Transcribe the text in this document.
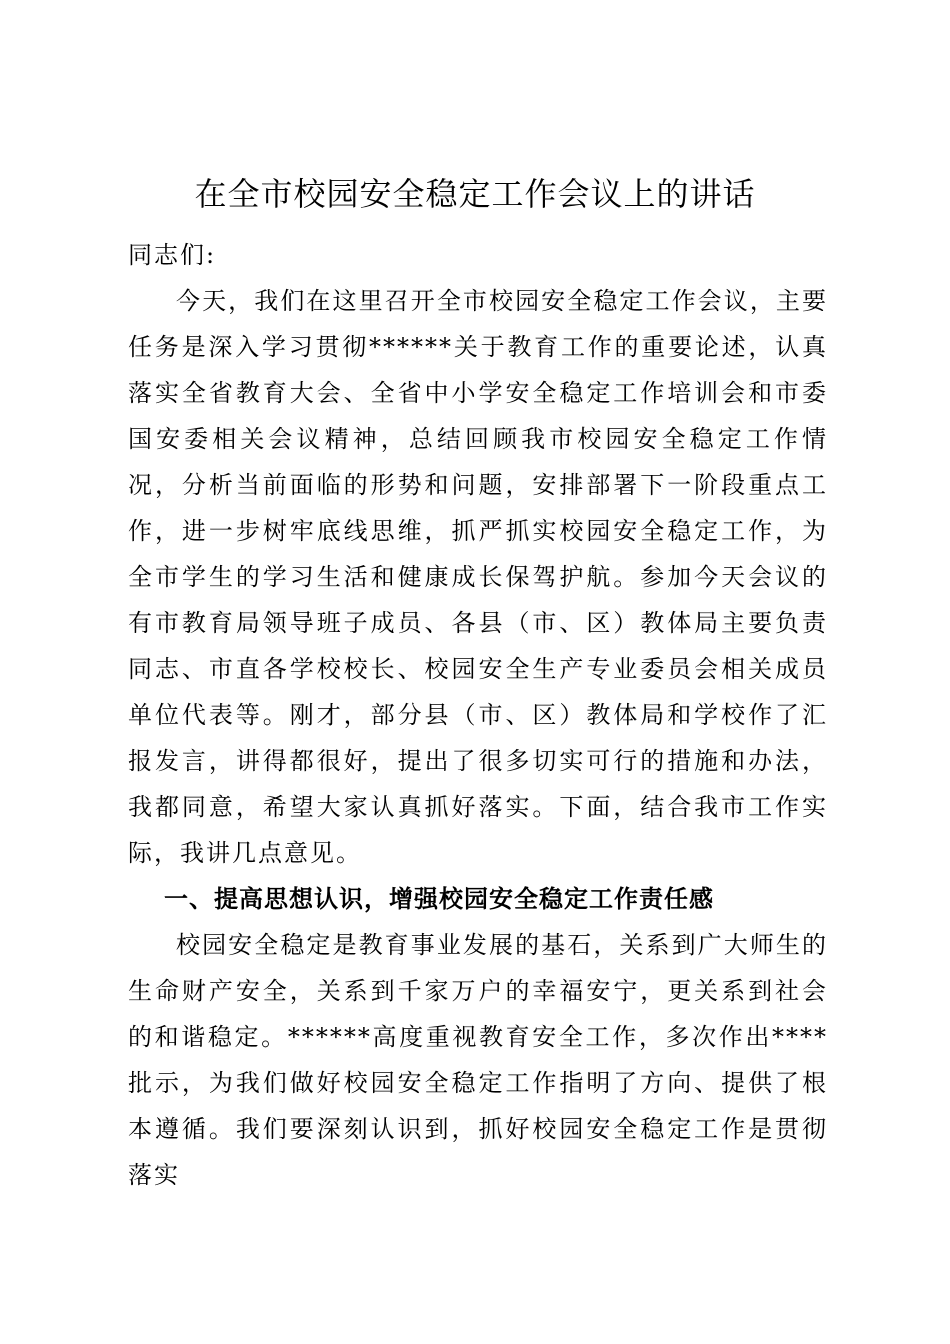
在全市校园安全稳定工作会议上的讲话

同志们:

今天，我们在这里召开全市校园安全稳定工作会议，主要任务是深入学习贯彻******关于教育工作的重要论述，认真落实全省教育大会、全省中小学安全稳定工作培训会和市委国安委相关会议精神，总结回顾我市校园安全稳定工作情况，分析当前面临的形势和问题，安排部署下一阶段重点工作，进一步树牢底线思维，抓严抓实校园安全稳定工作，为全市学生的学习生活和健康成长保驾护航。参加今天会议的有市教育局领导班子成员、各县（市、区）教体局主要负责同志、市直各学校校长、校园安全生产专业委员会相关成员单位代表等。刚才，部分县（市、区）教体局和学校作了汇报发言，讲得都很好，提出了很多切实可行的措施和办法，我都同意，希望大家认真抓好落实。下面，结合我市工作实际，我讲几点意见。

一、提高思想认识，增强校园安全稳定工作责任感

校园安全稳定是教育事业发展的基石，关系到广大师生的生命财产安全，关系到千家万户的幸福安宁，更关系到社会的和谐稳定。******高度重视教育安全工作，多次作出****批示，为我们做好校园安全稳定工作指明了方向、提供了根本遵循。我们要深刻认识到，抓好校园安全稳定工作是贯彻落实
